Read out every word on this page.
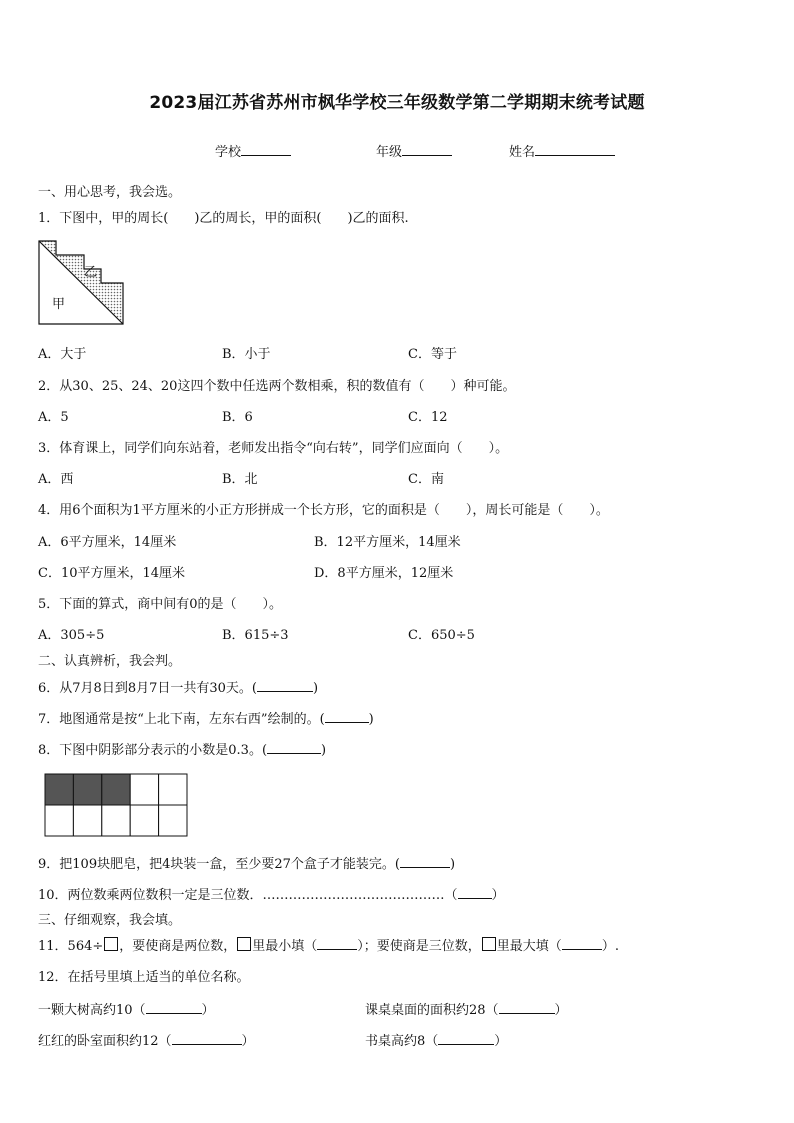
2023届江苏省苏州市枫华学校三年级数学第二学期期末统考试题
学校	年级	姓名
一、用心思考，我会选。
1．下图中，甲的周长(　　)乙的周长，甲的面积(　　)乙的面积.
乙
甲
A．大于	B．小于	C．等于
2．从30、25、24、20这四个数中任选两个数相乘，积的数值有（　　）种可能。
A．5	B．6	C．12
3．体育课上，同学们向东站着，老师发出指令“向右转”，同学们应面向（　　）。
A．西	B．北	C．南
4．用6个面积为1平方厘米的小正方形拼成一个长方形，它的面积是（　　），周长可能是（　　）。
A．6平方厘米，14厘米	B．12平方厘米，14厘米
C．10平方厘米，14厘米	D．8平方厘米，12厘米
5．下面的算式，商中间有0的是（　　）。
A．305÷5	B．615÷3	C．650÷5
二、认真辨析，我会判。
6．从7月8日到8月7日一共有30天。(	)
7．地图通常是按“上北下南，左东右西”绘制的。(	)
8．下图中阴影部分表示的小数是0.3。(	)
9．把109块肥皂，把4块装一盒，至少要27个盒子才能装完。(	)
10．两位数乘两位数积一定是三位数．……………………………………（	）
三、仔细观察，我会填。
11．564÷ ，要使商是两位数， 里最小填（	）；要使商是三位数， 里最大填（	）.
12．在括号里填上适当的单位名称。
一颗大树高约10（	）	课桌桌面的面积约28（	）
红红的卧室面积约12（	）	书桌高约8（	）
